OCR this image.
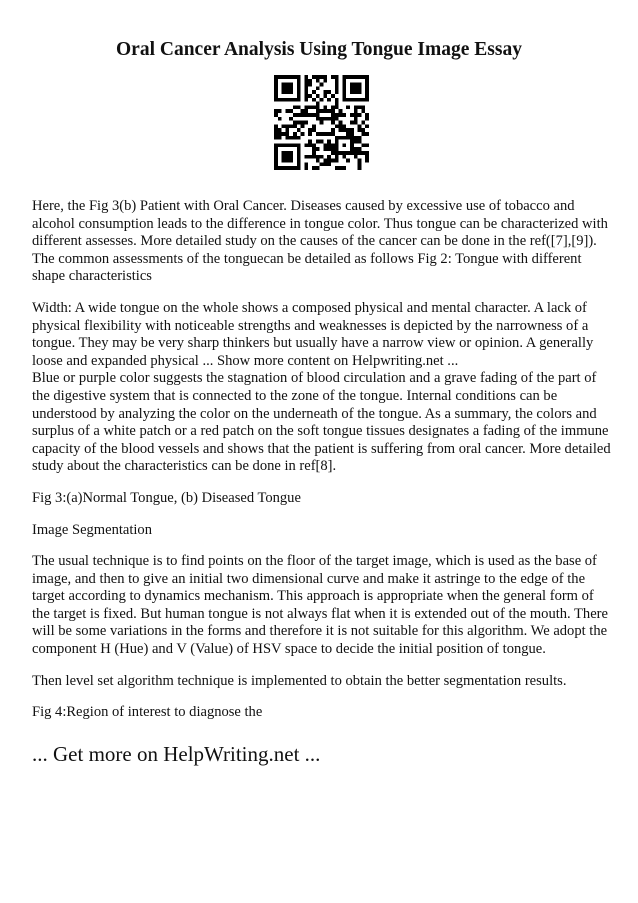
Oral Cancer Analysis Using Tongue Image Essay

Here, the Fig 3(b) Patient with Oral Cancer. Diseases caused by excessive use of tobacco and alcohol consumption leads to the difference in tongue color. Thus tongue can be characterized with different assesses. More detailed study on the causes of the cancer can be done in the ref([7],[9]). The common assessments of the tonguecan be detailed as follows Fig 2: Tongue with different shape characteristics

Width: A wide tongue on the whole shows a composed physical and mental character. A lack of physical flexibility with noticeable strengths and weaknesses is depicted by the narrowness of a tongue. They may be very sharp thinkers but usually have a narrow view or opinion. A generally loose and expanded physical ... Show more content on Helpwriting.net ...

Blue or purple color suggests the stagnation of blood circulation and a grave fading of the part of the digestive system that is connected to the zone of the tongue. Internal conditions can be understood by analyzing the color on the underneath of the tongue. As a summary, the colors and surplus of a white patch or a red patch on the soft tongue tissues designates a fading of the immune capacity of the blood vessels and shows that the patient is suffering from oral cancer. More detailed study about the characteristics can be done in ref[8].

Fig 3:(a)Normal Tongue, (b) Diseased Tongue

Image Segmentation

The usual technique is to find points on the floor of the target image, which is used as the base of image, and then to give an initial two dimensional curve and make it astringe to the edge of the target according to dynamics mechanism. This approach is appropriate when the general form of the target is fixed. But human tongue is not always flat when it is extended out of the mouth. There will be some variations in the forms and therefore it is not suitable for this algorithm. We adopt the component H (Hue) and V (Value) of HSV space to decide the initial position of tongue.

Then level set algorithm technique is implemented to obtain the better segmentation results.

Fig 4:Region of interest to diagnose the

... Get more on HelpWriting.net ...
